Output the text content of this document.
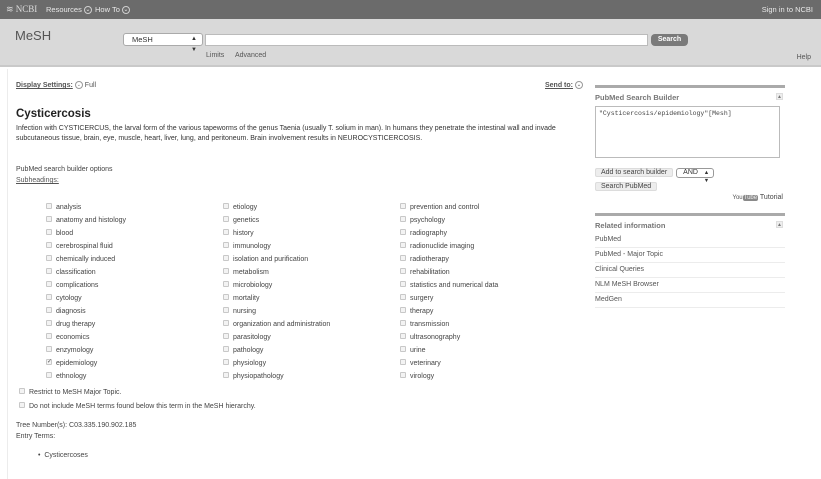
≋ NCBI Resources ⌄ How To ⌄	Sign in to NCBI
MeSH	MeSH	▲
▼
Search
Limits Advanced	Help
Display Settings: ⌄ Full	Send to: ⌄
Cysticercosis
Infection with CYSTICERCUS, the larval form of the various tapeworms of the genus Taenia (usually T. solium in man). In humans they penetrate the intestinal wall and invade subcutaneous tissue, brain, eye, muscle, heart, liver, lung, and peritoneum. Brain involvement results in NEUROCYSTICERCOSIS.
PubMed search builder options
Subheadings:
analysis
anatomy and histology
blood
cerebrospinal fluid
chemically induced
classification
complications
cytology
diagnosis
drug therapy
economics
enzymology
✓ epidemiology
ethnology
etiology
genetics
history
immunology
isolation and purification
metabolism
microbiology
mortality
nursing
organization and administration
parasitology
pathology
physiology
physiopathology
prevention and control
psychology
radiography
radionuclide imaging
radiotherapy
rehabilitation
statistics and numerical data
surgery
therapy
transmission
ultrasonography
urine
veterinary
virology
Restrict to MeSH Major Topic.
Do not include MeSH terms found below this term in the MeSH hierarchy.
Tree Number(s): C03.335.190.902.185
Entry Terms:
•  Cysticercoses
PubMed Search Builder	▲
"Cysticercosis/epidemiology"[Mesh]
Add to search builder AND ▲
▼
Search PubMed
YouTube Tutorial
Related information	▲
PubMed
PubMed - Major Topic
Clinical Queries
NLM MeSH Browser
MedGen
